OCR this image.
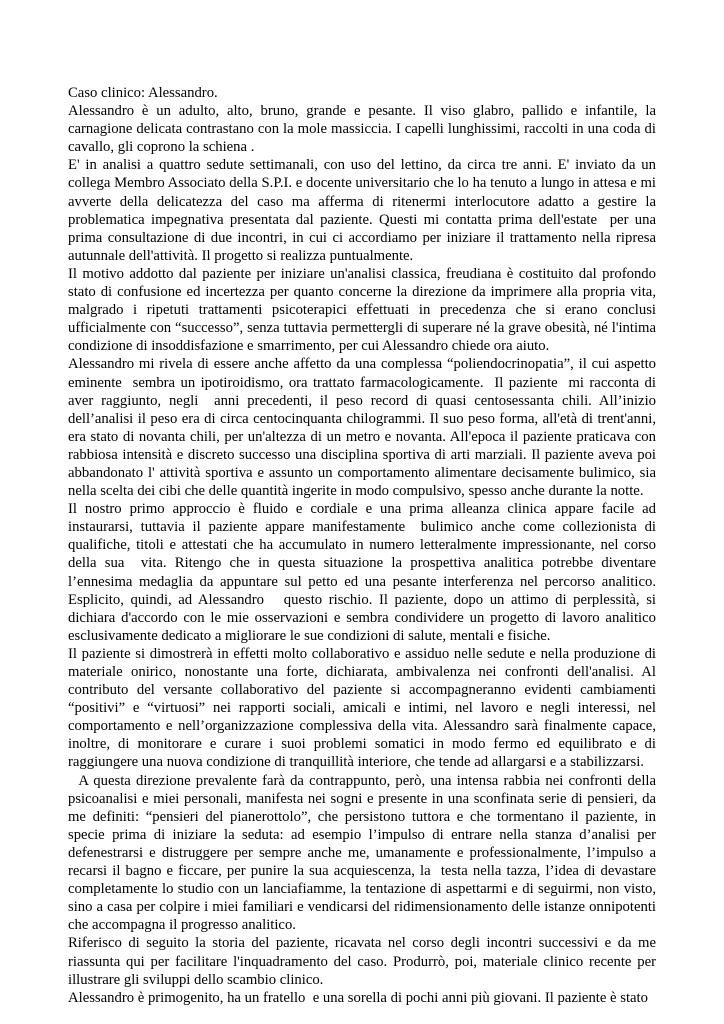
Caso clinico: Alessandro.

Alessandro è un adulto, alto, bruno, grande e pesante. Il viso glabro, pallido e infantile, la carnagione delicata contrastano con la mole massiccia. I capelli lunghissimi, raccolti in una coda di cavallo, gli coprono la schiena .

E' in analisi a quattro sedute settimanali, con uso del lettino, da circa tre anni. E' inviato da un collega Membro Associato della S.P.I. e docente universitario che lo ha tenuto a lungo in attesa e mi avverte della delicatezza del caso ma afferma di ritenermi interlocutore adatto a gestire la problematica impegnativa presentata dal paziente. Questi mi contatta prima dell'estate  per una prima consultazione di due incontri, in cui ci accordiamo per iniziare il trattamento nella ripresa autunnale dell'attività. Il progetto si realizza puntualmente.

Il motivo addotto dal paziente per iniziare un'analisi classica, freudiana è costituito dal profondo stato di confusione ed incertezza per quanto concerne la direzione da imprimere alla propria vita, malgrado i ripetuti trattamenti psicoterapici effettuati in precedenza che si erano conclusi ufficialmente con “successo”, senza tuttavia permettergli di superare né la grave obesità, né l'intima condizione di insoddisfazione e smarrimento, per cui Alessandro chiede ora aiuto.

Alessandro mi rivela di essere anche affetto da una complessa “poliendocrinopatia”, il cui aspetto eminente  sembra un ipotiroidismo, ora trattato farmacologicamente.  Il paziente  mi racconta di aver raggiunto, negli  anni precedenti, il peso record di quasi centosessanta chili. All’inizio dell’analisi il peso era di circa centocinquanta chilogrammi. Il suo peso forma, all'età di trent'anni, era stato di novanta chili, per un'altezza di un metro e novanta. All'epoca il paziente praticava con rabbiosa intensità e discreto successo una disciplina sportiva di arti marziali. Il paziente aveva poi abbandonato l' attività sportiva e assunto un comportamento alimentare decisamente bulimico, sia nella scelta dei cibi che delle quantità ingerite in modo compulsivo, spesso anche durante la notte.

Il nostro primo approccio è fluido e cordiale e una prima alleanza clinica appare facile ad instaurarsi, tuttavia il paziente appare manifestamente  bulimico anche come collezionista di qualifiche, titoli e attestati che ha accumulato in numero letteralmente impressionante, nel corso della sua  vita. Ritengo che in questa situazione la prospettiva analitica potrebbe diventare l’ennesima medaglia da appuntare sul petto ed una pesante interferenza nel percorso analitico. Esplicito, quindi, ad Alessandro   questo rischio. Il paziente, dopo un attimo di perplessità, si dichiara d'accordo con le mie osservazioni e sembra condividere un progetto di lavoro analitico esclusivamente dedicato a migliorare le sue condizioni di salute, mentali e fisiche.

Il paziente si dimostrerà in effetti molto collaborativo e assiduo nelle sedute e nella produzione di materiale onirico, nonostante una forte, dichiarata, ambivalenza nei confronti dell'analisi. Al contributo del versante collaborativo del paziente si accompagneranno evidenti cambiamenti “positivi” e “virtuosi” nei rapporti sociali, amicali e intimi, nel lavoro e negli interessi, nel comportamento e nell’organizzazione complessiva della vita. Alessandro sarà finalmente capace, inoltre, di monitorare e curare i suoi problemi somatici in modo fermo ed equilibrato e di raggiungere una nuova condizione di tranquillità interiore, che tende ad allargarsi e a stabilizzarsi.

A questa direzione prevalente farà da contrappunto, però, una intensa rabbia nei confronti della psicoanalisi e miei personali, manifesta nei sogni e presente in una sconfinata serie di pensieri, da me definiti: “pensieri del pianerottolo”, che persistono tuttora e che tormentano il paziente, in specie prima di iniziare la seduta: ad esempio l’impulso di entrare nella stanza d’analisi per defenestrarsi e distruggere per sempre anche me, umanamente e professionalmente, l’impulso a recarsi il bagno e ficcare, per punire la sua acquiescenza, la  testa nella tazza, l’idea di devastare completamente lo studio con un lanciafiamme, la tentazione di aspettarmi e di seguirmi, non visto, sino a casa per colpire i miei familiari e vendicarsi del ridimensionamento delle istanze onnipotenti che accompagna il progresso analitico.

Riferisco di seguito la storia del paziente, ricavata nel corso degli incontri successivi e da me riassunta qui per facilitare l'inquadramento del caso. Produrrò, poi, materiale clinico recente per illustrare gli sviluppi dello scambio clinico.

Alessandro è primogenito, ha un fratello  e una sorella di pochi anni più giovani. Il paziente è stato
